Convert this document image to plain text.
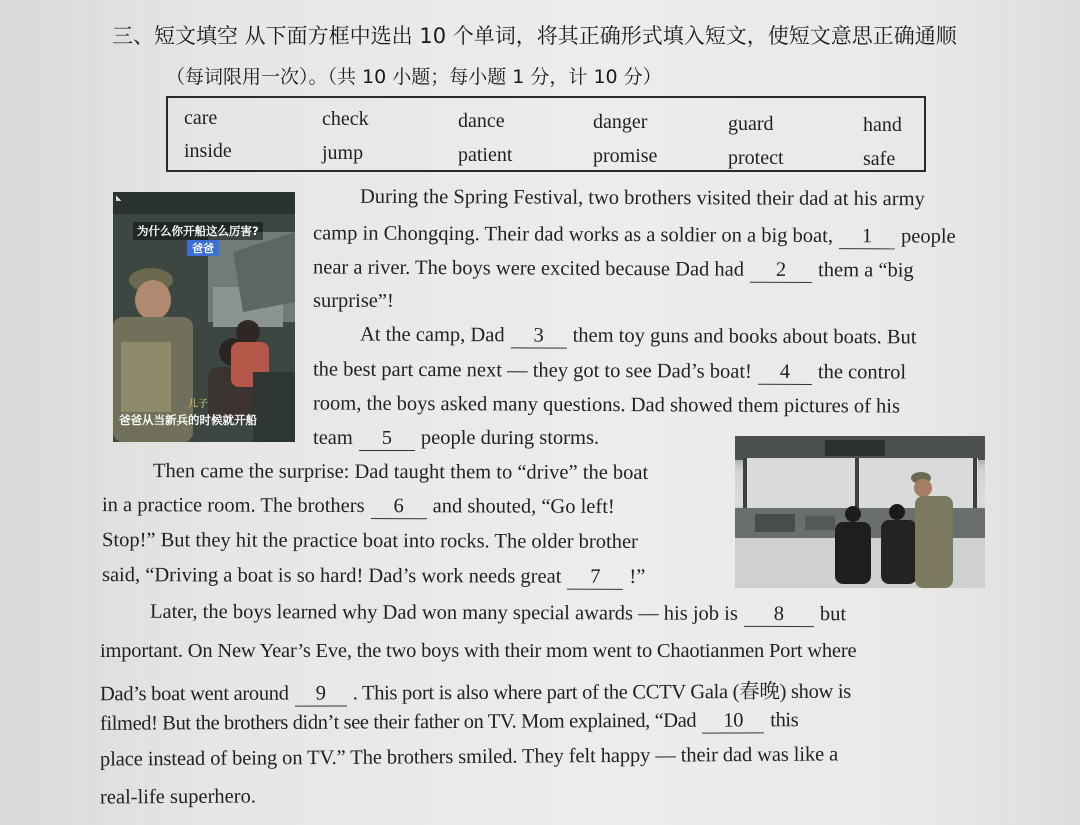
三、短文填空 从下面方框中选出 10 个单词，将其正确形式填入短文，使短文意思正确通顺
（每词限用一次）。（共 10 小题；每小题 1 分，计 10 分）
care	check	dance	danger	guard	hand
inside	jump	patient	promise	protect	safe
◣
为什么你开船这么厉害?
爸爸
儿子
爸爸从当新兵的时候就开船
During the Spring Festival, two brothers visited their dad at his army
camp in Chongqing. Their dad works as a soldier on a big boat, 1 people
near a river. The boys were excited because Dad had 2 them a “big
surprise”!
At the camp, Dad 3 them toy guns and books about boats. But
the best part came next — they got to see Dad’s boat! 4 the control
room, the boys asked many questions. Dad showed them pictures of his
team 5 people during storms.
Then came the surprise: Dad taught them to “drive” the boat
in a practice room. The brothers 6 and shouted, “Go left!
Stop!” But they hit the practice boat into rocks. The older brother
said, “Driving a boat is so hard! Dad’s work needs great 7 !”
Later, the boys learned why Dad won many special awards — his job is 8 but
important. On New Year’s Eve, the two boys with their mom went to Chaotianmen Port where
Dad’s boat went around 9 . This port is also where part of the CCTV Gala (春晚) show is
filmed! But the brothers didn’t see their father on TV. Mom explained, “Dad 10 this
place instead of being on TV.” The brothers smiled. They felt happy — their dad was like a
real-life superhero.
